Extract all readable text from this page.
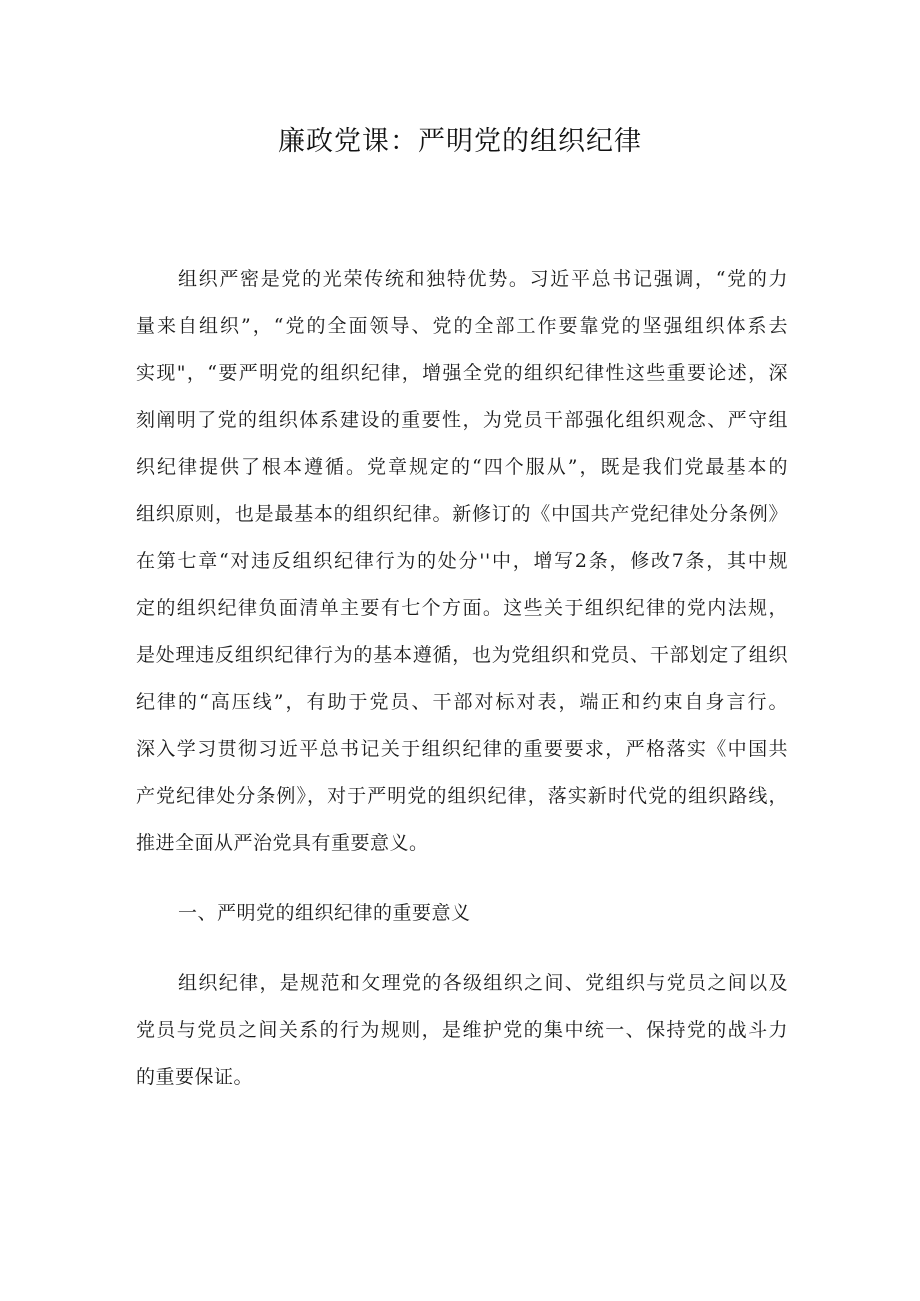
廉政党课：严明党的组织纪律

组织严密是党的光荣传统和独特优势。习近平总书记强调，“党的力

量来自组织”，“党的全面领导、党的全部工作要靠党的坚强组织体系去

实现"，“要严明党的组织纪律，增强全党的组织纪律性这些重要论述，深

刻阐明了党的组织体系建设的重要性，为党员干部强化组织观念、严守组

织纪律提供了根本遵循。党章规定的“四个服从”，既是我们党最基本的

组织原则，也是最基本的组织纪律。新修订的《中国共产党纪律处分条例》

在第七章“对违反组织纪律行为的处分''中，增写2条，修改7条，其中规

定的组织纪律负面清单主要有七个方面。这些关于组织纪律的党内法规，

是处理违反组织纪律行为的基本遵循，也为党组织和党员、干部划定了组织

纪律的“高压线”，有助于党员、干部对标对表，端正和约束自身言行。

深入学习贯彻习近平总书记关于组织纪律的重要要求，严格落实《中国共

产党纪律处分条例》，对于严明党的组织纪律，落实新时代党的组织路线，

推进全面从严治党具有重要意义。

一、严明党的组织纪律的重要意义

组织纪律，是规范和攵理党的各级组织之间、党组织与党员之间以及

党员与党员之间关系的行为规则，是维护党的集中统一、保持党的战斗力

的重要保证。
